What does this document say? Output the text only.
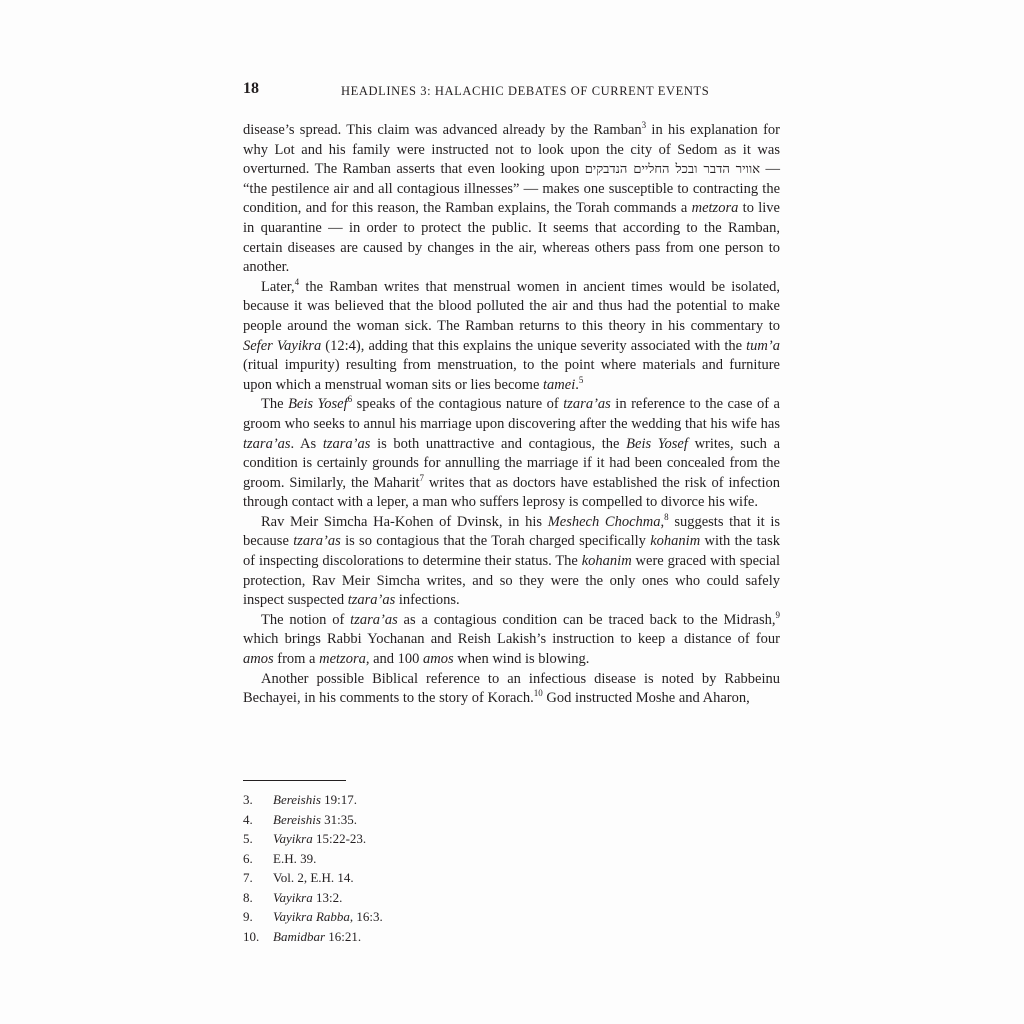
18	HEADLINES 3: HALACHIC DEBATES OF CURRENT EVENTS

disease’s spread. This claim was advanced already by the Ramban$^3$ in his explanation for why Lot and his family were instructed not to look upon the city of Sedom as it was overturned. The Ramban asserts that even looking upon אוויר הדבר ובכל החליים הנדבקים — “the pestilence air and all contagious illnesses” — makes one susceptible to contracting the condition, and for this reason, the Ramban explains, the Torah commands a metzora to live in quarantine — in order to protect the public. It seems that according to the Ramban, certain diseases are caused by changes in the air, whereas others pass from one person to another.

Later,$^4$ the Ramban writes that menstrual women in ancient times would be isolated, because it was believed that the blood polluted the air and thus had the potential to make people around the woman sick. The Ramban returns to this theory in his commentary to Sefer Vayikra (12:4), adding that this explains the unique severity associated with the tum’a (ritual impurity) resulting from menstruation, to the point where materials and furniture upon which a menstrual woman sits or lies become tamei.$^5$

The Beis Yosef$^6$ speaks of the contagious nature of tzara’as in reference to the case of a groom who seeks to annul his marriage upon discovering after the wedding that his wife has tzara’as. As tzara’as is both unattractive and contagious, the Beis Yosef writes, such a condition is certainly grounds for annulling the marriage if it had been concealed from the groom. Similarly, the Maharit$^7$ writes that as doctors have established the risk of infection through contact with a leper, a man who suffers leprosy is compelled to divorce his wife.

Rav Meir Simcha Ha-Kohen of Dvinsk, in his Meshech Chochma,$^8$ suggests that it is because tzara’as is so contagious that the Torah charged specifically kohanim with the task of inspecting discolorations to determine their status. The kohanim were graced with special protection, Rav Meir Simcha writes, and so they were the only ones who could safely inspect suspected tzara’as infections.

The notion of tzara’as as a contagious condition can be traced back to the Midrash,$^9$ which brings Rabbi Yochanan and Reish Lakish’s instruction to keep a distance of four amos from a metzora, and 100 amos when wind is blowing.

Another possible Biblical reference to an infectious disease is noted by Rabbeinu Bechayei, in his comments to the story of Korach.$^{10}$ God instructed Moshe and Aharon,

3. Bereishis 19:17.
4. Bereishis 31:35.
5. Vayikra 15:22-23.
6. E.H. 39.
7. Vol. 2, E.H. 14.
8. Vayikra 13:2.
9. Vayikra Rabba, 16:3.
10. Bamidbar 16:21.
